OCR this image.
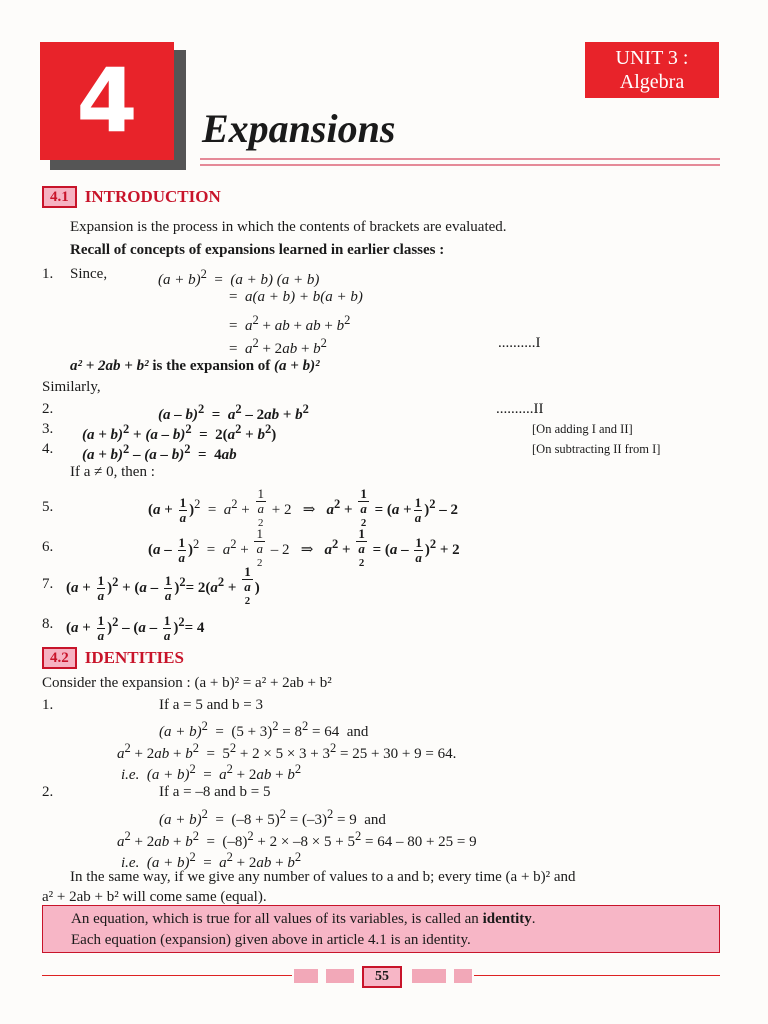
4	UNIT 3 :
Algebra
Expansions
4.1 INTRODUCTION
Expansion is the process in which the contents of brackets are evaluated.
Recall of concepts of expansions learned in earlier classes :
1. Since,	$(a + b)^2 = (a + b)$ (a + b)
=  a(a + b) + b(a + b)
=  $a^2$ + ab + ab + $b^2$
=  $a^2 + 2ab + b^2$	..........I
a² + 2ab + b² is the expansion of (a + b)²
Similarly,
2.	$(a - b)^2 = a^2 - 2ab + b^2$	..........II
3. $(a + b)^2 + (a - b)^2 = 2(a^2 + b^2)$	[On adding I and II]
4. $(a + b)^2 - (a - b)^2 = 4ab$	[On subtracting II from I]
If a ≠ 0, then :
5.	$(a + \frac{1}{a} )^2 = a^2 + 1$
a
$^2$ + 2   ⇒   $a^2 + 1$
a
$^2 = (a + \frac{1}{a} )^2 - 2$
6.	$(a - \frac{1}{a} )^2 = a^2 + 1$
a
$^2$ – 2   ⇒   $a^2 + 1$
a
$^2 = (a - \frac{1}{a} )^2 + 2$
7. $(a + \frac{1}{a} )^2 + (a - \frac{1}{a} )^2= 2(a^2 + 1$
a
$^2$ )
8. $(a + \frac{1}{a} )^2 - (a - \frac{1}{a} )^2= 4$
4.2 IDENTITIES
Consider the expansion : (a + b)² = a² + 2ab + b²
1.	If a = 5 and b = 3
$(a + b)^2 = (5 + 3)^2 = 8^2 = 64$  and
$a^2 + 2ab + b^2 = 5^2 + 2 \times 5 \times 3 + 3^2 = 25 + 30 + 9 = 64$.
i.e. $(a + b)^2 = a^2 + 2ab + b^2$
2.	If a = –8 and b = 5
$(a + b)^2 = (-8 + 5)^2 = (-3)^2 = 9$  and
$a^2 + 2ab + b^2 = (-8)^2 + 2 \times -8 \times 5 + 5^2 = 64 - 80 + 25 = 9$
i.e. $(a + b)^2 = a^2 + 2ab + b^2$
In the same way, if we give any number of values to a and b; every time (a + b)² and
a² + 2ab + b² will come same (equal).
An equation, which is true for all values of its variables, is called an identity.
Each equation (expansion) given above in article 4.1 is an identity.
55
